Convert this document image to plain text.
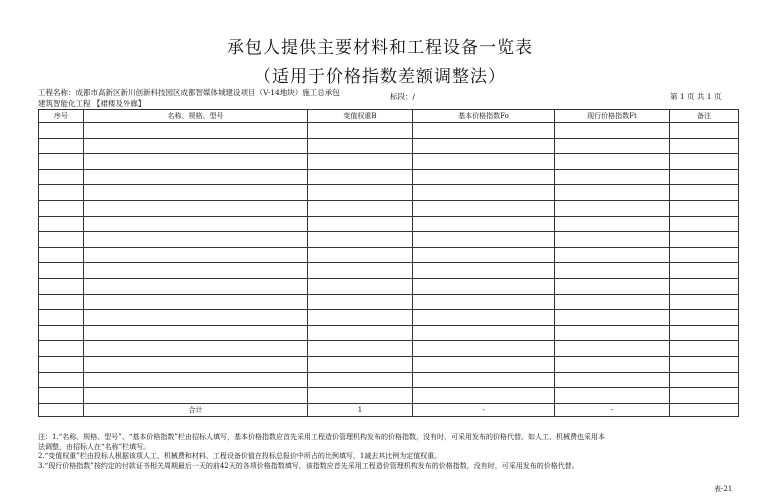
承包人提供主要材料和工程设备一览表
（适用于价格指数差额调整法）
工程名称：成都市高新区新川创新科技园区成都智媒体城建设项目（V-14地块）施工总承包
建筑智能化工程 【裙楼及外廊】
标段：/	第 1 页 共 1 页
序号	名称、规格、型号	变值权重B	基本价格指数Fo	现行价格指数Ft	备注

	合计	1	-	-	
注：1.“名称、规格、型号”、“基本价格指数”栏由招标人填写，基本价格指数应首先采用工程造价管理机构发布的价格指数，没有时，可采用发布的价格代替。如人工、机械费也采用本
法调整，由招标人在“名称”栏填写。
2.“变值权重”栏由投标人根据该项人工、机械费和材料、工程设备价值在投标总报价中所占的比例填写，1减去其比例为定值权重。
3.“现行价格指数”按约定的付款证书相关周期最后一天的前42天的各项价格指数填写，该指数应首先采用工程造价管理机构发布的价格指数，没有时，可采用发布的价格代替。
表-21
